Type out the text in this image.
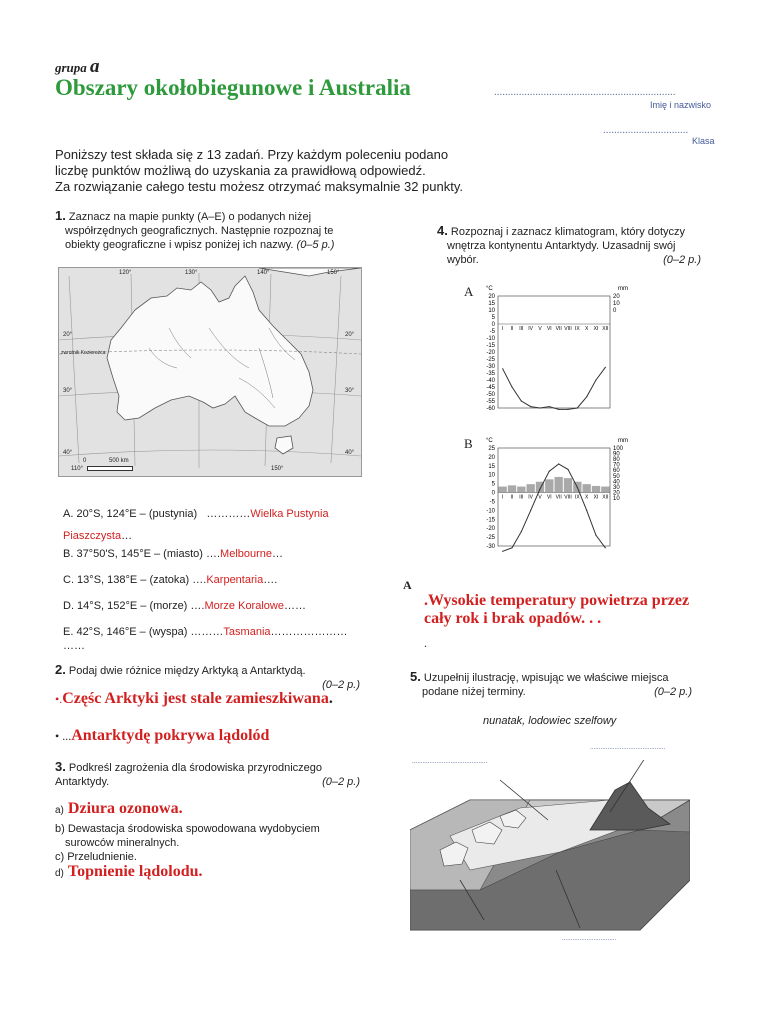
grupa a
Obszary okołobiegunowe i Australia	..................................................................
Imię i nazwisko
...............................
Klasa
Poniższy test składa się z 13 zadań. Przy każdym poleceniu podano
liczbę punktów możliwą do uzyskania za prawidłową odpowiedź.
Za rozwiązanie całego testu możesz otrzymać maksymalnie 32 punkty.
1. Zaznacz na mapie punkty (A–E) o podanych niżej
współrzędnych geograficznych. Następnie rozpoznaj te
obiekty geograficzne i wpisz poniżej ich nazwy. (0–5 p.)
120°	130°	140°	150°
20°
30°
40°
20°
30°
40°
110°
0	500 km
150°
zwrotnik Koziorożca
A. 20°S, 124°E – (pustynia) …………Wielka Pustynia Piaszczysta…
B. 37°50'S, 145°E – (miasto) ….Melbourne…
C. 13°S, 138°E – (zatoka) ….Karpentaria….
D. 14°S, 152°E – (morze) ….Morze Koralowe……
E. 42°S, 146°E – (wyspa) ………Tasmania…………………
……
2. Podaj dwie różnice między Arktyką a Antarktydą.
(0–2 p.)
•.Częśc Arktyki jest stale zamieszkiwana.
• ...Antarktydę pokrywa lądolód
3. Podkreśl zagrożenia dla środowiska przyrodniczego
Antarktydy.	(0–2 p.)
a) Dziura ozonowa.
b) Dewastacja środowiska spowodowana wydobyciem
surowców mineralnych.
c) Przeludnienie.
d) Topnienie lądolodu.
4. Rozpoznaj i zaznacz klimatogram, który dotyczy
wnętrza kontynentu Antarktydy. Uzasadnij swój
wybór.	(0–2 p.)
A
B
°C	mm
20
15
10
5
0
-5
-10
-15
-20
-25
-30
-35
-40
-45
-50
-55
-60
20
10
0
I II III IV V VI VII VIII IX X XI XII
°C	mm
25
20
15
10
5
0
-5
-10
-15
-20
-25
-30
100
90
80
70
60
50
40
30
20
10
I II III IV V VI VII VIII IX X XI XII
A
.Wysokie temperatury powietrza przez
cały rok i brak opadów. . .
.
5. Uzupełnij ilustrację, wpisując we właściwe miejsca
podane niżej terminy.	(0–2 p.)
nunatak, lodowiec szelfowy
...........................................
...........................................
...............................
